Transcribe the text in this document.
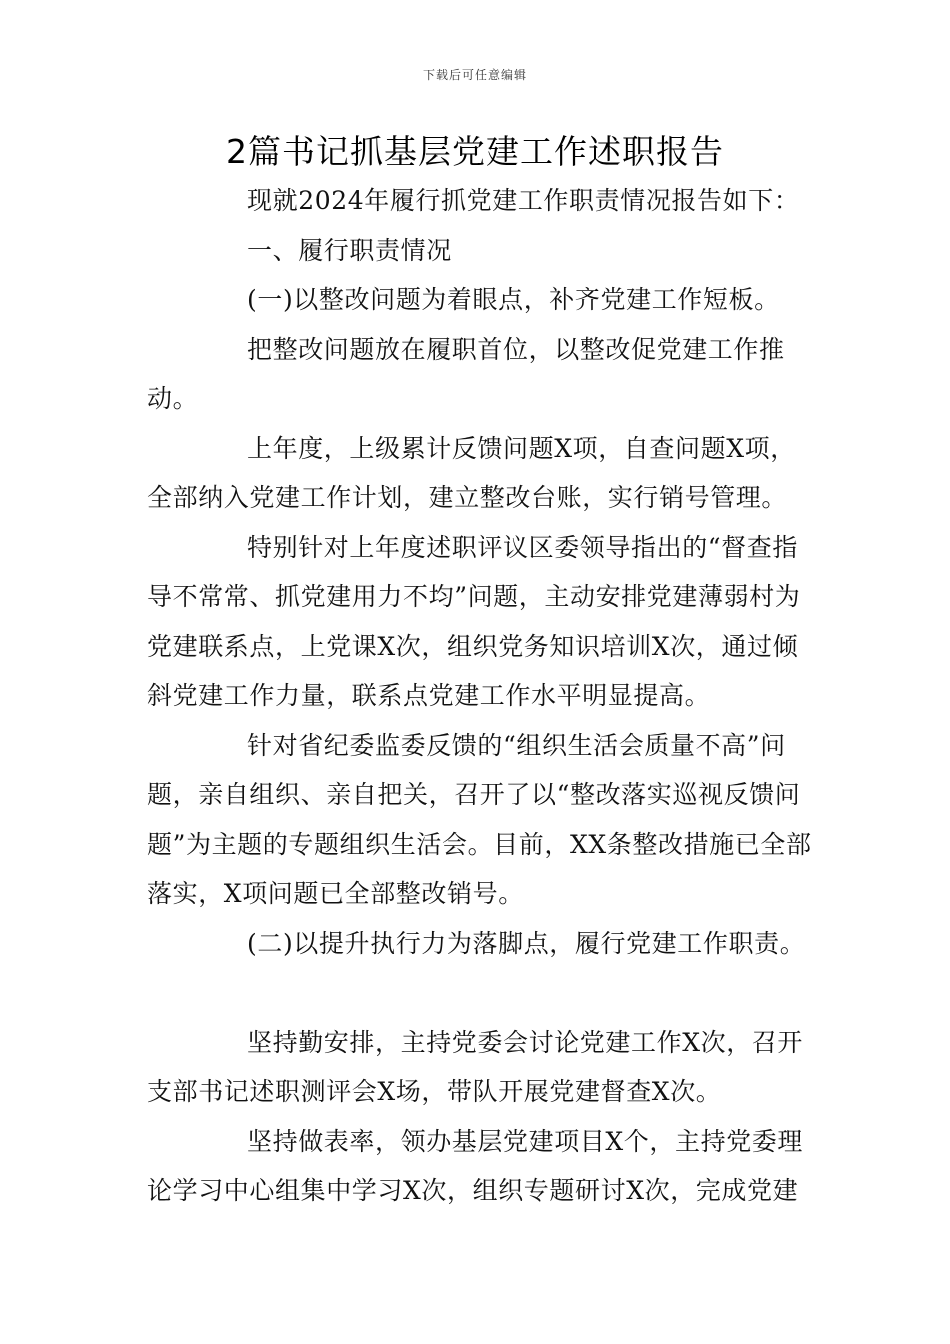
下载后可任意编辑
2篇书记抓基层党建工作述职报告

现就2024年履行抓党建工作职责情况报告如下：

一、履行职责情况

(一)以整改问题为着眼点，补齐党建工作短板。

把整改问题放在履职首位，以整改促党建工作推动。

上年度，上级累计反馈问题X项，自查问题X项，全部纳入党建工作计划，建立整改台账，实行销号管理。

特别针对上年度述职评议区委领导指出的“督查指导不常常、抓党建用力不均”问题，主动安排党建薄弱村为党建联系点，上党课X次，组织党务知识培训X次，通过倾斜党建工作力量，联系点党建工作水平明显提高。

针对省纪委监委反馈的“组织生活会质量不高”问题，亲自组织、亲自把关，召开了以“整改落实巡视反馈问题”为主题的专题组织生活会。目前，XX条整改措施已全部落实，X项问题已全部整改销号。

(二)以提升执行力为落脚点，履行党建工作职责。

坚持勤安排，主持党委会讨论党建工作X次，召开支部书记述职测评会X场，带队开展党建督查X次。

坚持做表率，领办基层党建项目X个，主持党委理论学习中心组集中学习X次，组织专题研讨X次，完成党建
